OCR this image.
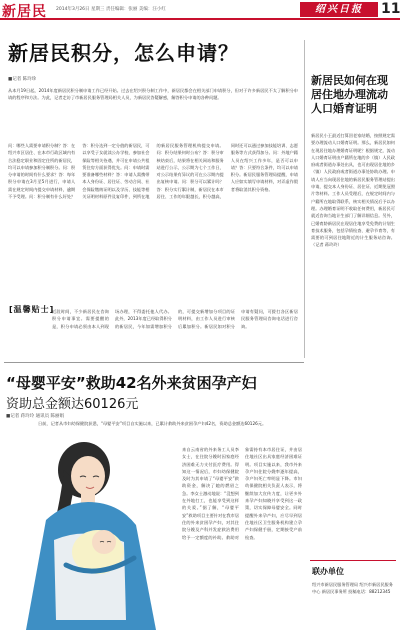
新居民 2014年3月26日 星期三 责任编辑：张丽 美编：汪小红	绍兴日报	11
新居民积分，怎么申请？
■记者 陈玲珍
从本月19日起，2014年度新居民积分制申请工作已经开始。过去在绍兴积分制工作中，新居民都会在相关部门申请积分，但对于许多新居民不太了解积分申请的程序和方法。为此，记者走访了市新居民服务管理局相关人员，为新居民答疑解惑，解答积分申请的各种问题。
问：哪些人需要申请积分制？答：在绍兴市区居住、在本市行政区域内有合法稳定职业和固定住所的新居民，均可以申请参加积分制积分。问：积分申请的时间有什么要求？答：每年积分申请在3月至5月进行，申请人需在规定时间内提交申请材料，逾期不予受理。问：积分制有什么好处？答：积分达到一定分值的新居民，可以享受子女就读公办学校、参加社会保险等相关待遇，并可在申请公共租赁住房方面获得优先。问：申请时需要准备哪些材料？答：申请人需携带本人身份证、居住证、劳动合同、社会保险缴纳证明以及学历、技能等相关证明材料原件及复印件，到所在地的新居民服务管理机构提交申请。问：积分结果何时公布？答：积分审核结束后，结果将在相关网站和服务站进行公示，公示期为七个工作日，对公示结果有异议的可在公示期内提出复核申请。问：积分可以累计吗？答：积分实行累计制，新居民在本市居住、工作的年限越长，积分越高，同时还可以通过参加技能培训、志愿服务等方式获得加分。问：外地户籍人员在绍兴工作多年，是否可以申请？答：只要符合条件，均可以申请积分。新居民服务管理局提醒，申请人应如实填写申请材料，对弄虚作假者将取消其积分资格。
[温馨贴士]
近段时间，不少新居民在咨询积分申请事宜。需要提醒的是，积分申请必须由本人到现场办理，不得委托他人代办。此外，2013年度已经取得积分的新居民，今年如需增加积分的，可提交新增加分项目的证明材料，由工作人员进行审核后累加积分。新居民如对积分申请有疑问，可拨打各区新居民服务管理局咨询电话进行咨询。
新居民如何在现居住地办理流动人口婚育证明
新居民小王最近打算回老家结婚，按照规定需要办理流动人口婚育证明。那么，新居民如何在现居住地办理婚育证明呢？根据规定，流动人口婚育证明由户籍所在地的乡（镇）人民政府或者街道办事处出具，也可由现居住地的乡（镇）人民政府或者街道办事处协助办理。申请人应当向现居住地的新居民服务管理站提出申请，提交本人身份证、居住证、近期免冠照片等材料。工作人员受理后，在规定时间内与户籍所在地取得联系，核实相关情况后予以办理。办理婚育证明不收取任何费用，新居民可就近咨询当地计生部门了解详细信息。另外，已婚育龄新居民在现居住地享受免费的计划生育技术服务，包括孕情检查、避孕节育等，有需要的可到居住地附近的计生服务站咨询。（记者 蒋玲玲）
“母婴平安”救助42名外来贫困孕产妇
资助总金额达60126元
■记者 蒋玲玲 通讯员 陈丽娟
日前，记者从市妇幼保健院获悉，“母婴平安”项目自实施以来，已累计救助外来贫困孕产妇42名，资助总金额达60126元。
来自云南省的外来务工人员李女士，在住院分娩时因家庭经济困难无力支付医疗费用。得知这一情况后，市妇幼保健院及时为其申请了“母婴平安”救助资金，解决了她的燃眉之急。李女士激动地说：“没想到在外地打工，也能享受到这样的关爱。”据了解，“母婴平安”救助项目主要针对在我市居住的外来贫困孕产妇，对其住院分娩及产科并发症救治费用给予一定额度的补助。救助对象需持有本市居住证，并由居住地社区出具家庭经济困难证明。项目实施以来，我市外来孕产妇住院分娩率逐年提高，孕产妇死亡率明显下降。市妇幼保健院相关负责人表示，将继续加大宣传力度，让更多外来孕产妇知晓并享受到这一政策，切实保障母婴安全。同时提醒外来孕产妇，应尽早到居住地社区卫生服务机构建立孕产妇保健手册，定期接受产前检查。
联办单位
绍兴市新居民服务管理局 绍兴市新居民服务中心 新居民事务所 投稿电话：88212345
